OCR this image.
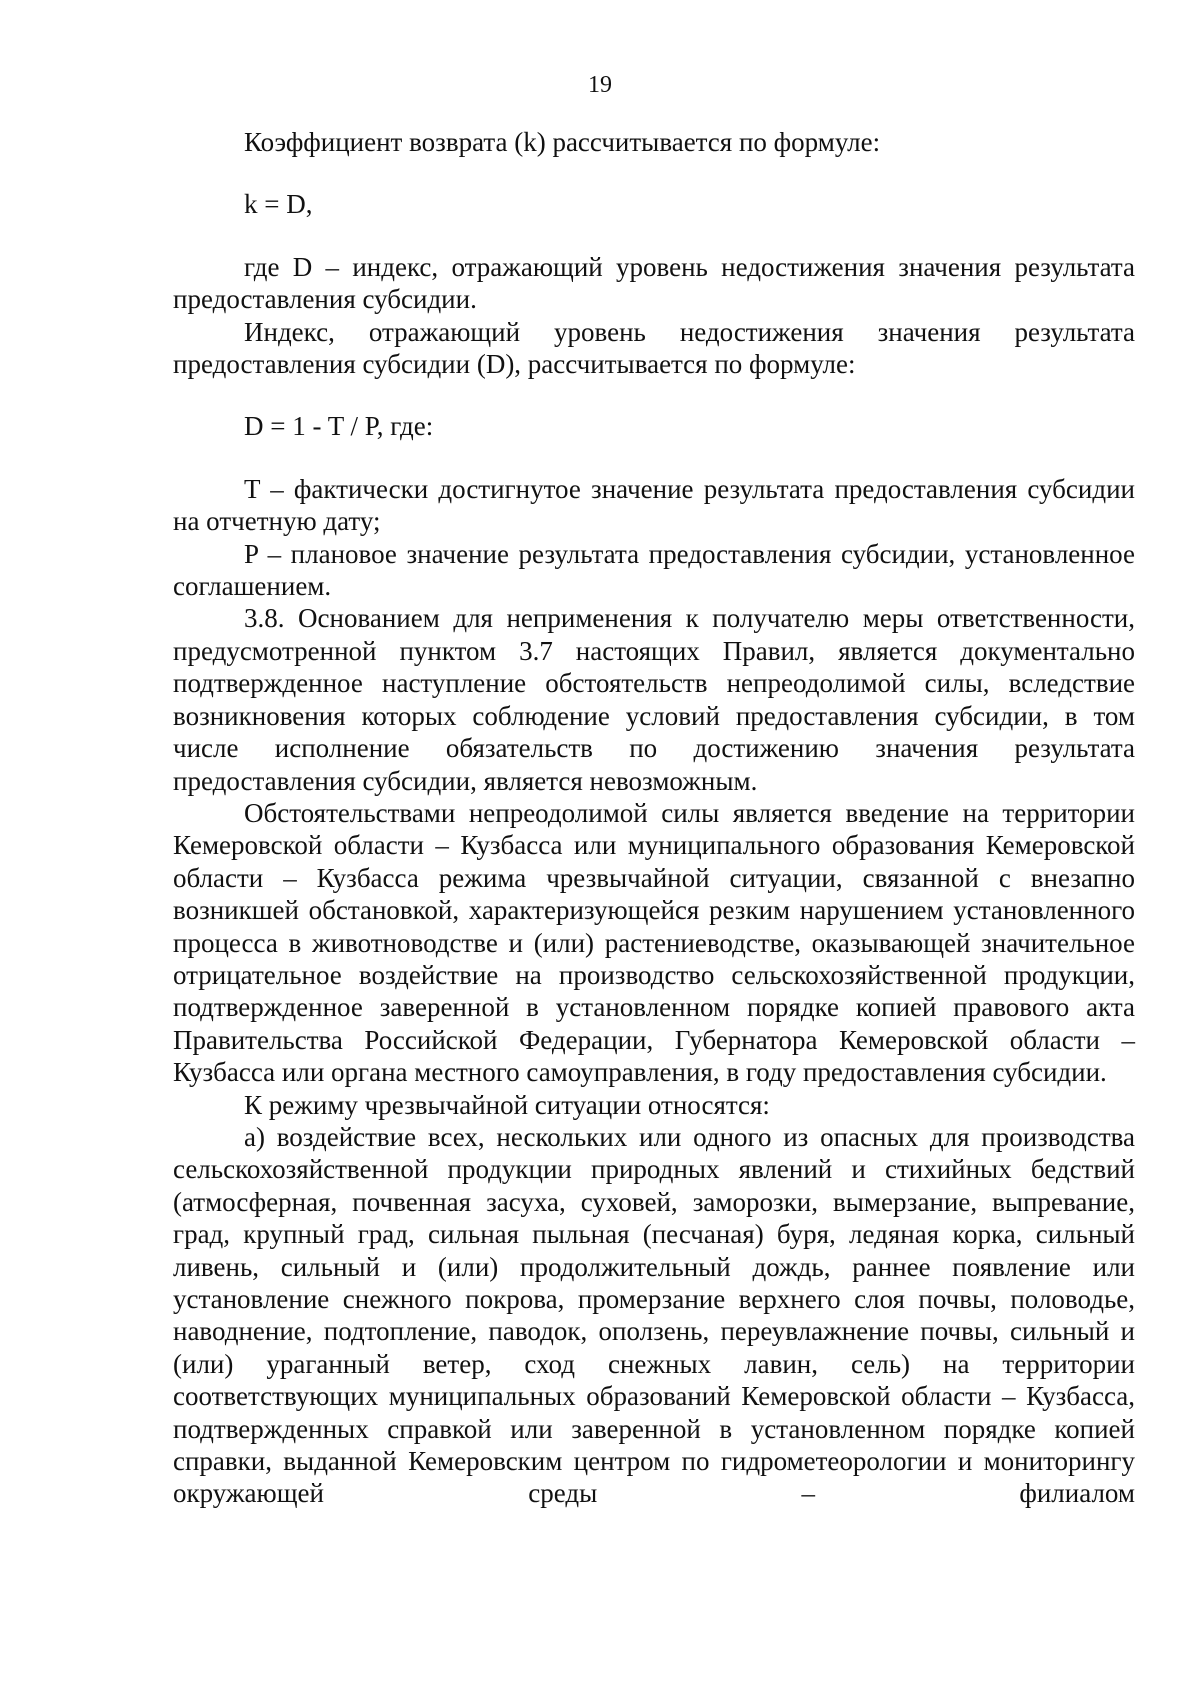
19

Коэффициент возврата (k) рассчитывается по формуле:

k = D,

где D – индекс, отражающий уровень недостижения значения результата предоставления субсидии.

Индекс, отражающий уровень недостижения значения результата предоставления субсидии (D), рассчитывается по формуле:

D = 1 - T / P, где:

T – фактически достигнутое значение результата предоставления субсидии на отчетную дату;

P – плановое значение результата предоставления субсидии, установленное соглашением.

3.8. Основанием для неприменения к получателю меры ответственности, предусмотренной пунктом 3.7 настоящих Правил, является документально подтвержденное наступление обстоятельств непреодолимой силы, вследствие возникновения которых соблюдение условий предоставления субсидии, в том числе исполнение обязательств по достижению значения результата предоставления субсидии, является невозможным.

Обстоятельствами непреодолимой силы является введение на территории Кемеровской области – Кузбасса или муниципального образования Кемеровской области – Кузбасса режима чрезвычайной ситуации, связанной с внезапно возникшей обстановкой, характеризующейся резким нарушением установленного процесса в животноводстве и (или) растениеводстве, оказывающей значительное отрицательное воздействие на производство сельскохозяйственной продукции, подтвержденное заверенной в установленном порядке копией правового акта Правительства Российской Федерации, Губернатора Кемеровской области – Кузбасса или органа местного самоуправления, в году предоставления субсидии.

К режиму чрезвычайной ситуации относятся:

а) воздействие всех, нескольких или одного из опасных для производства сельскохозяйственной продукции природных явлений и стихийных бедствий (атмосферная, почвенная засуха, суховей, заморозки, вымерзание, выпревание, град, крупный град, сильная пыльная (песчаная) буря, ледяная корка, сильный ливень, сильный и (или) продолжительный дождь, раннее появление или установление снежного покрова, промерзание верхнего слоя почвы, половодье, наводнение, подтопление, паводок, оползень, переувлажнение почвы, сильный и (или) ураганный ветер, сход снежных лавин, сель) на территории соответствующих муниципальных образований Кемеровской области – Кузбасса, подтвержденных справкой или заверенной в установленном порядке копией справки, выданной Кемеровским центром по гидрометеорологии и мониторингу окружающей среды – филиалом
